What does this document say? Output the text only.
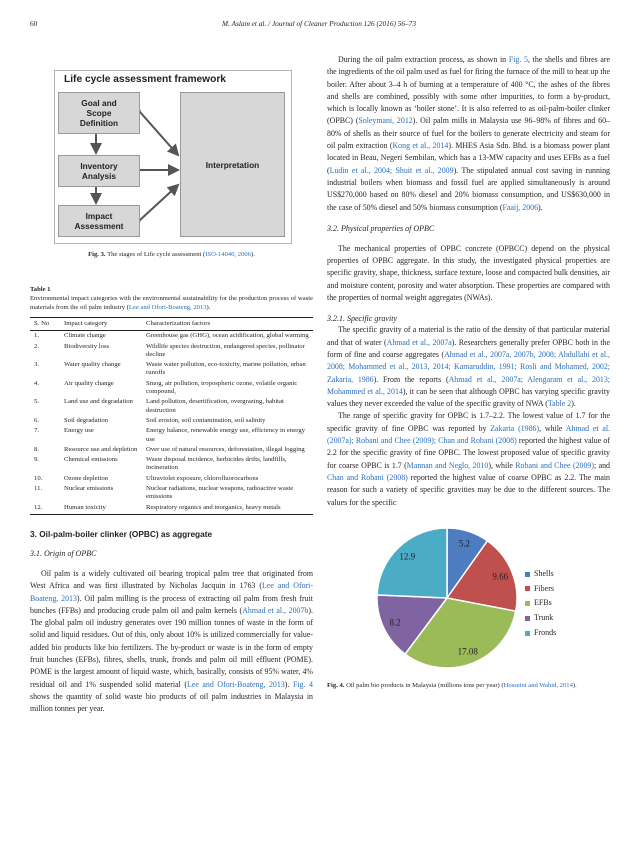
60	M. Aslam et al. / Journal of Cleaner Production 126 (2016) 56–73
Life cycle assessment framework
Goal and
Scope
Definition
Inventory
Analysis
Impact
Assessment
Interpretation
Fig. 3. The stages of Life cycle assessment (ISO-14040, 2006).
Table 1
Environmental impact categories with the environmental sustainability for the production process of waste materials from the oil palm industry (Lee and Ofori-Boateng, 2013).
S. No	Impact category	Characterization factors
1.	Climate change	Greenhouse gas (GHG), ocean acidification, global warming
2.	Biodiversity loss	Wildlife species destruction, endangered species, pollinator decline
3.	Water quality change	Waste water pollution, eco-toxicity, marine pollution, urban runoffs
4.	Air quality change	Smog, air pollution, tropospheric ozone, volatile organic compound,
5.	Land use and degradation	Land pollution, desertification, overgrazing, habitat destruction
6.	Soil degradation	Soil erosion, soil contamination, soil salinity
7.	Energy use	Energy balance, renewable energy use, efficiency in energy use
8.	Resource use and depletion	Over use of natural resources, deforestation, illegal logging
9.	Chemical emissions	Waste disposal incidence, herbicides drifts, landfills, incineration
10.	Ozone depletion	Ultraviolet exposure, chlorofluorocarbons
11.	Nuclear emissions	Nuclear radiations, nuclear weapons, radioactive waste emissions
12.	Human toxicity	Respiratory organics and inorganics, heavy metals
3. Oil-palm-boiler clinker (OPBC) as aggregate
3.1. Origin of OPBC

Oil palm is a widely cultivated oil bearing tropical palm tree that originated from West Africa and was first illustrated by Nicholas Jacquin in 1763 (Lee and Ofori-Boateng, 2013). Oil palm milling is the process of extracting oil palm from fresh fruit bunches (FFBs) and producing crude palm oil and palm kernels (Ahmad et al., 2007b). The global palm oil industry generates over 190 million tonnes of waste in the form of solid and liquid residues. Out of this, only about 10% is utilized commercially for value-added bio products like bio fertilizers. The by-product or waste is in the form of empty fruit bunches (EFBs), fibres, shells, trunk, fronds and palm oil mill effluent (POME). POME is the largest amount of liquid waste, which, basically, consists of 95% water, 4% residual oil and 1% suspended solid material (Lee and Ofori-Boateng, 2013). Fig. 4 shows the quantity of solid waste bio products of oil palm industries in Malaysia in million tonnes per year.

During the oil palm extraction process, as shown in Fig. 5, the shells and fibres are the ingredients of the oil palm used as fuel for firing the furnace of the mill to heat up the boiler. After about 3–4 h of burning at a temperature of 400 °C, the ashes of the fibres and shells are combined, possibly with some other impurities, to form a by-product, which is locally known as ‘boiler stone’. It is also referred to as oil-palm-boiler clinker (OPBC) (Soleymani, 2012). Oil palm mills in Malaysia use 96–98% of fibres and 60–80% of shells as their source of fuel for the boilers to generate electricity and steam for oil palm extraction (Kong et al., 2014). MHES Asia Sdn. Bhd. is a biomass power plant located in Beau, Negeri Sembilan, which has a 13-MW capacity and uses EFBs as a fuel (Ludin et al., 2004; Shuit et al., 2009). The stipulated annual cost saving in running industrial boilers when biomass and fossil fuel are applied simultaneously is around US$270,000 based on 80% diesel and 20% biomass consumption, and US$630,000 in the case of 50% diesel and 50% biomass consumption (Faaij, 2006).

3.2. Physical properties of OPBC

The mechanical properties of OPBC concrete (OPBCC) depend on the physical properties of OPBC aggregate. In this study, the investigated physical properties are specific gravity, shape, thickness, surface texture, loose and compacted bulk densities, air and moisture content, porosity and water absorption. These properties are compared with the properties of normal weight aggregates (NWAs).

3.2.1. Specific gravity

The specific gravity of a material is the ratio of the density of that particular material and that of water (Ahmad et al., 2007a). Researchers generally prefer OPBC both in the form of fine and coarse aggregates (Ahmad et al., 2007a, 2007b, 2008; Abdullahi et al., 2008; Mohammed et al., 2013, 2014; Kamaruddin, 1991; Rosli and Mohamed, 2002; Zakaria, 1986). From the reports (Ahmad et al., 2007a; Alengaram et al., 2013; Mohammed et al., 2014), it can be seen that although OPBC has varying specific gravity values they never exceeded the value of the specific gravity of NWA (Table 2).

The range of specific gravity for OPBC is 1.7–2.2. The lowest value of 1.7 for the specific gravity of fine OPBC was reported by Zakaria (1986), while Ahmad et al. (2007a); Robani and Chee (2009); Chan and Robani (2008) reported the highest value of 2.2 for the specific gravity of fine OPBC. The lowest proposed value of specific gravity for coarse OPBC is 1.7 (Mannan and Neglo, 2010), while Robani and Chee (2009); and Chan and Robani (2008) reported the highest value of coarse OPBC as 2.2. The main reason for such a variety of specific gravities may be due to the different sources. The values for the specific

5.2
9.66
17.08
8.2
12.9
Shells
Fibers
EFBs
Trunk
Fronds
Fig. 4. Oil palm bio products in Malaysia (millions tons per year) (Hosseini and Wahid, 2014).
